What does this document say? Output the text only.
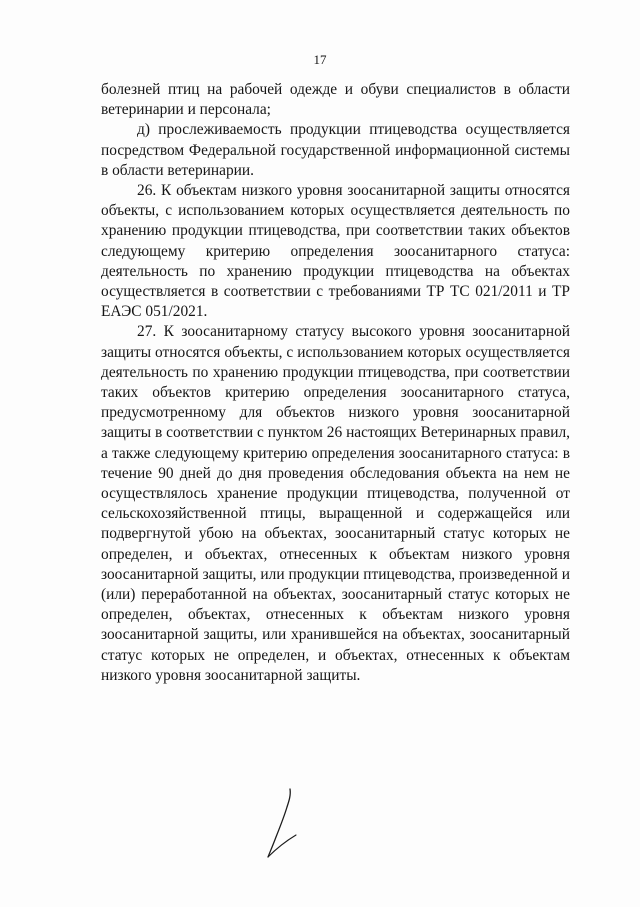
17

болезней птиц на рабочей одежде и обуви специалистов в области ветеринарии и персонала;

д) прослеживаемость продукции птицеводства осуществляется посредством Федеральной государственной информационной системы в области ветеринарии.

26. К объектам низкого уровня зоосанитарной защиты относятся объекты, с использованием которых осуществляется деятельность по хранению продукции птицеводства, при соответствии таких объектов следующему критерию определения зоосанитарного статуса: деятельность по хранению продукции птицеводства на объектах осуществляется в соответствии с требованиями ТР ТС 021/2011 и ТР ЕАЭС 051/2021.

27. К зоосанитарному статусу высокого уровня зоосанитарной защиты относятся объекты, с использованием которых осуществляется деятельность по хранению продукции птицеводства, при соответствии таких объектов критерию определения зоосанитарного статуса, предусмотренному для объектов низкого уровня зоосанитарной защиты в соответствии с пунктом 26 настоящих Ветеринарных правил, а также следующему критерию определения зоосанитарного статуса: в течение 90 дней до дня проведения обследования объекта на нем не осуществлялось хранение продукции птицеводства, полученной от сельскохозяйственной птицы, выращенной и содержащейся или подвергнутой убою на объектах, зоосанитарный статус которых не определен, и объектах, отнесенных к объектам низкого уровня зоосанитарной защиты, или продукции птицеводства, произведенной и (или) переработанной на объектах, зоосанитарный статус которых не определен, объектах, отнесенных к объектам низкого уровня зоосанитарной защиты, или хранившейся на объектах, зоосанитарный статус которых не определен, и объектах, отнесенных к объектам низкого уровня зоосанитарной защиты.
